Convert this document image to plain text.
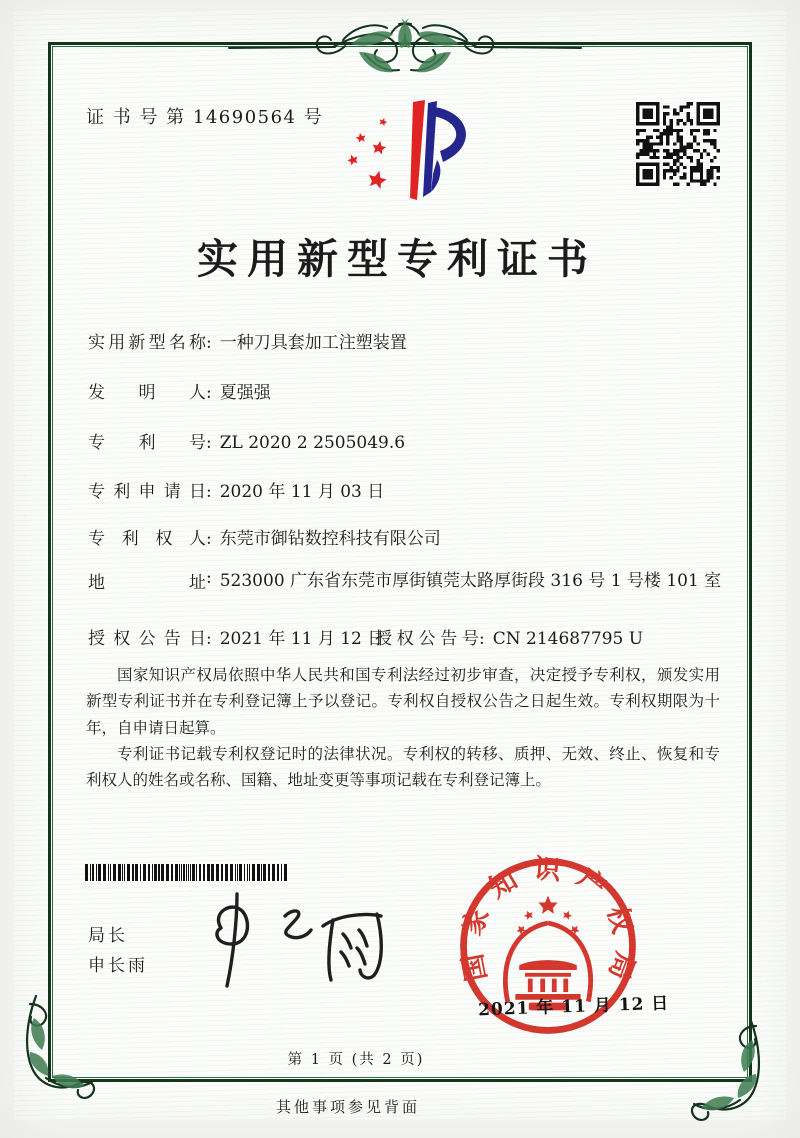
证 书 号 第 14690564 号
实用新型专利证书
实用新型名称: 一种刀具套加工注塑装置
发明人: 夏强强
专利号: ZL 2020 2 2505049.6
专利申请日: 2020 年 11 月 03 日
专利权人: 东莞市御钻数控科技有限公司
地址 : 523000 广东省东莞市厚街镇莞太路厚街段 316 号 1 号楼 101 室
授权公告日: 2021 年 11 月 12 日
授权公告号: CN 214687795 U

国家知识产权局依照中华人民共和国专利法经过初步审查，决定授予专利权，颁发实用新型专利证书并在专利登记簿上予以登记。专利权自授权公告之日起生效。专利权期限为十年，自申请日起算。

专利证书记载专利权登记时的法律状况。专利权的转移、质押、无效、终止、恢复和专利权人的姓名或名称、国籍、地址变更等事项记载在专利登记簿上。

局长
申长雨	国家知识产权局
2021 年 11 月 12 日
第 1 页 (共 2 页)
其他事项参见背面
